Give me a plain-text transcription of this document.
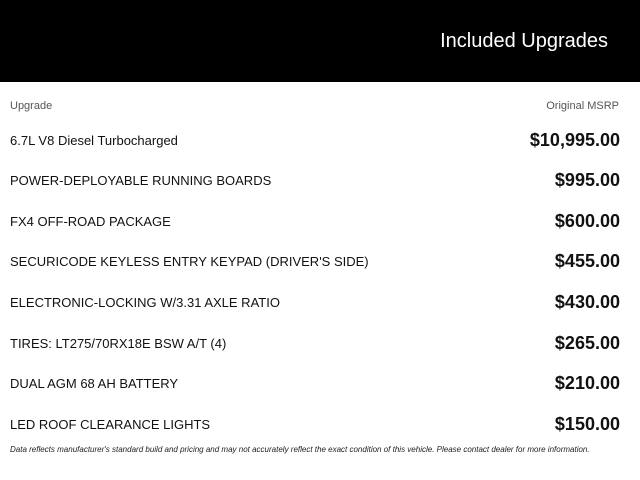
Included Upgrades
Upgrade	Original MSRP
6.7L V8 Diesel Turbocharged	$10,995.00
POWER-DEPLOYABLE RUNNING BOARDS	$995.00
FX4 OFF-ROAD PACKAGE	$600.00
SECURICODE KEYLESS ENTRY KEYPAD (DRIVER'S SIDE)	$455.00
ELECTRONIC-LOCKING W/3.31 AXLE RATIO	$430.00
TIRES: LT275/70RX18E BSW A/T (4)	$265.00
DUAL AGM 68 AH BATTERY	$210.00
LED ROOF CLEARANCE LIGHTS	$150.00
Data reflects manufacturer's standard build and pricing and may not accurately reflect the exact condition of this vehicle. Please contact dealer for more information.
